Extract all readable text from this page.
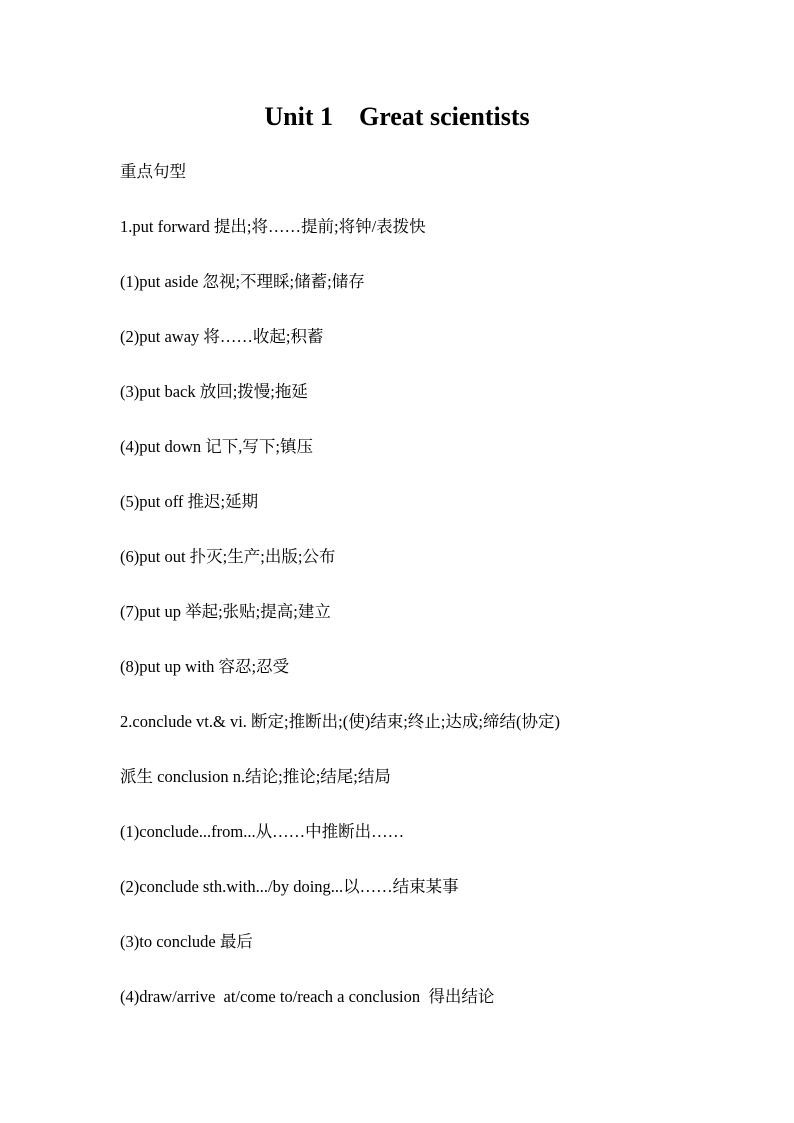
Unit 1    Great scientists
重点句型
1.put forward 提出;将……提前;将钟/表拨快
(1)put aside 忽视;不理睬;储蓄;储存
(2)put away 将……收起;积蓄
(3)put back 放回;拨慢;拖延
(4)put down 记下,写下;镇压
(5)put off 推迟;延期
(6)put out 扑灭;生产;出版;公布
(7)put up 举起;张贴;提高;建立
(8)put up with 容忍;忍受
2.conclude vt.& vi. 断定;推断出;(使)结束;终止;达成;缔结(协定)
派生 conclusion n.结论;推论;结尾;结局
(1)conclude...from...从……中推断出……
(2)conclude sth.with.../by doing...以……结束某事
(3)to conclude 最后
(4)draw/arrive  at/come to/reach a conclusion  得出结论
